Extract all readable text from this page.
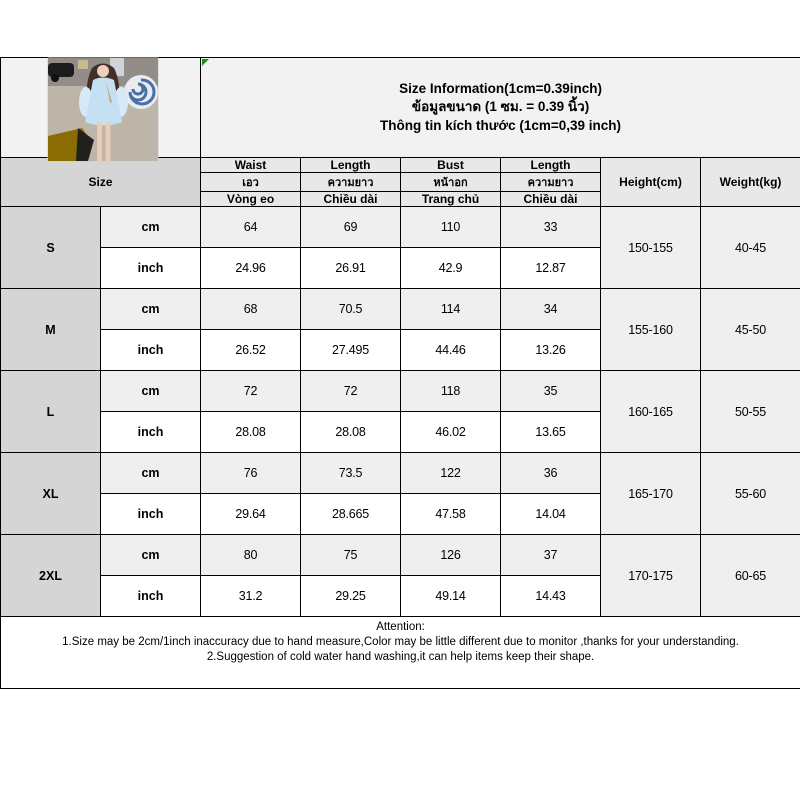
		Size Information(1cm=0.39inch)
ข้อมูลขนาด (1 ซม. = 0.39 นิ้ว)
Thông tin kích thước (1cm=0,39 inch)					

Size		Waist	Length	Bust	Length	Height(cm)	Weight(kg)
		เอว	ความยาว	หน้าอก	ความยาว		
		Vòng eo	Chiều dài	Trang chủ	Chiều dài		
S	cm	64	69	110	33	150-155	40-45
	inch	24.96	26.91	42.9	12.87		
M	cm	68	70.5	114	34	155-160	45-50
	inch	26.52	27.495	44.46	13.26		
L	cm	72	72	118	35	160-165	50-55
	inch	28.08	28.08	46.02	13.65		
XL	cm	76	73.5	122	36	165-170	55-60
	inch	29.64	28.665	47.58	14.04		
2XL	cm	80	75	126	37	170-175	60-65
	inch	31.2	29.25	49.14	14.43		

Attention:
1.Size may be 2cm/1inch inaccuracy due to hand measure,Color may be little different due to monitor ,thanks for your understanding.
2.Suggestion of cold water hand washing,it can help items keep their shape.							
